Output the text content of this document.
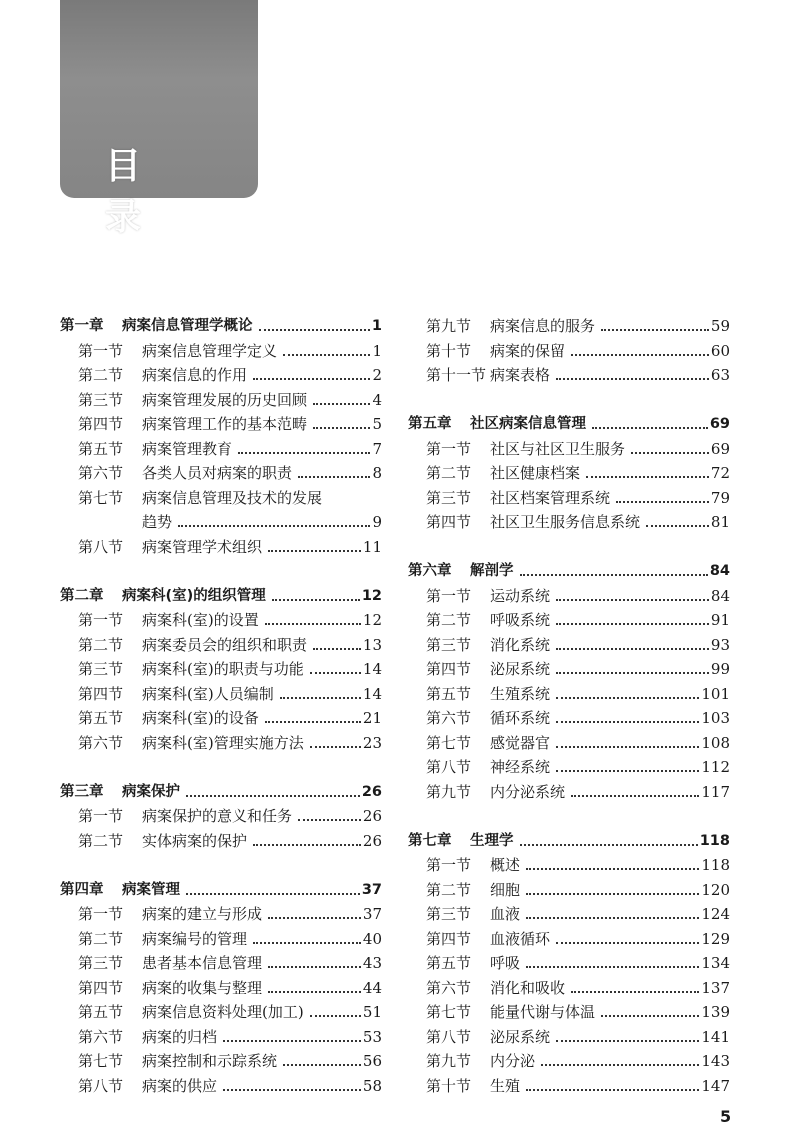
目 录
第一章	病案信息管理学概论	1
第一节	病案信息管理学定义	1
第二节	病案信息的作用	2
第三节	病案管理发展的历史回顾	4
第四节	病案管理工作的基本范畴	5
第五节	病案管理教育	7
第六节	各类人员对病案的职责	8
第七节	病案信息管理及技术的发展
趋势	9
第八节	病案管理学术组织	11
第二章	病案科(室)的组织管理	12
第一节	病案科(室)的设置	12
第二节	病案委员会的组织和职责	13
第三节	病案科(室)的职责与功能	14
第四节	病案科(室)人员编制	14
第五节	病案科(室)的设备	21
第六节	病案科(室)管理实施方法	23
第三章	病案保护	26
第一节	病案保护的意义和任务	26
第二节	实体病案的保护	26
第四章	病案管理	37
第一节	病案的建立与形成	37
第二节	病案编号的管理	40
第三节	患者基本信息管理	43
第四节	病案的收集与整理	44
第五节	病案信息资料处理(加工)	51
第六节	病案的归档	53
第七节	病案控制和示踪系统	56
第八节	病案的供应	58
第九节	病案信息的服务	59
第十节	病案的保留	60
第十一节 病案表格	63
第五章	社区病案信息管理	69
第一节	社区与社区卫生服务	69
第二节	社区健康档案	72
第三节	社区档案管理系统	79
第四节	社区卫生服务信息系统	81
第六章	解剖学	84
第一节	运动系统	84
第二节	呼吸系统	91
第三节	消化系统	93
第四节	泌尿系统	99
第五节	生殖系统	101
第六节	循环系统	103
第七节	感觉器官	108
第八节	神经系统	112
第九节	内分泌系统	117
第七章	生理学	118
第一节	概述	118
第二节	细胞	120
第三节	血液	124
第四节	血液循环	129
第五节	呼吸	134
第六节	消化和吸收	137
第七节	能量代谢与体温	139
第八节	泌尿系统	141
第九节	内分泌	143
第十节	生殖	147
5
